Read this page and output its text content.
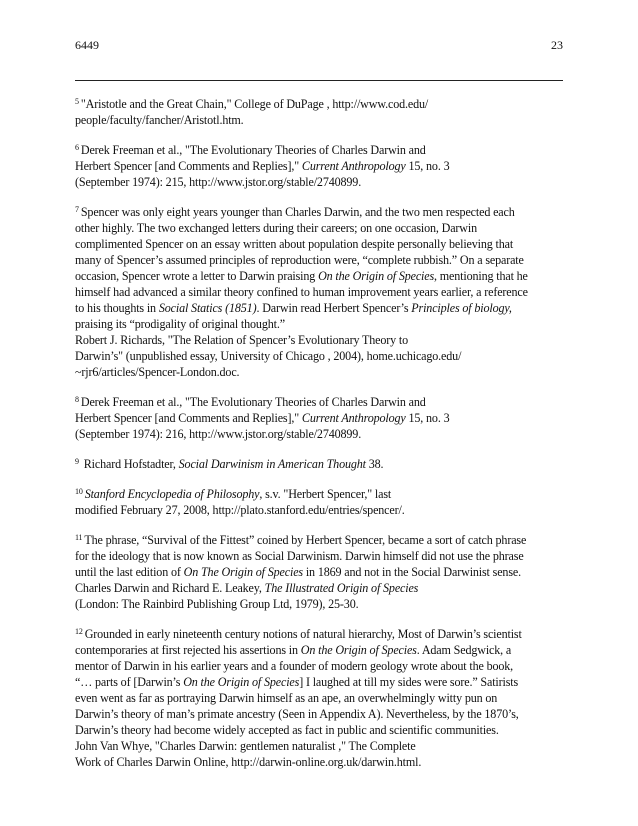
6449	23
$^5$ "Aristotle and the Great Chain," College of DuPage , http://www.cod.edu/
people/faculty/fancher/Aristotl.htm.
$^6$ Derek Freeman et al., "The Evolutionary Theories of Charles Darwin and
Herbert Spencer [and Comments and Replies]," Current Anthropology 15, no. 3
(September 1974): 215, http://www.jstor.org/stable/2740899.
$^7$ Spencer was only eight years younger than Charles Darwin, and the two men respected each
other highly. The two exchanged letters during their careers; on one occasion, Darwin
complimented Spencer on an essay written about population despite personally believing that
many of Spencer’s assumed principles of reproduction were, “complete rubbish.” On a separate
occasion, Spencer wrote a letter to Darwin praising On the Origin of Species, mentioning that he
himself had advanced a similar theory confined to human improvement years earlier, a reference
to his thoughts in Social Statics (1851). Darwin read Herbert Spencer’s Principles of biology,
praising its “prodigality of original thought.”
Robert J. Richards, "The Relation of Spencer’s Evolutionary Theory to
Darwin’s" (unpublished essay, University of Chicago , 2004), home.uchicago.edu/
~rjr6/articles/Spencer-London.doc.
$^8$ Derek Freeman et al., "The Evolutionary Theories of Charles Darwin and
Herbert Spencer [and Comments and Replies]," Current Anthropology 15, no. 3
(September 1974): 216, http://www.jstor.org/stable/2740899.
$^9$ Richard Hofstadter, Social Darwinism in American Thought 38.
$^{10}$ Stanford Encyclopedia of Philosophy, s.v. "Herbert Spencer," last
modified February 27, 2008, http://plato.stanford.edu/entries/spencer/.
$^{11}$ The phrase, “Survival of the Fittest” coined by Herbert Spencer, became a sort of catch phrase
for the ideology that is now known as Social Darwinism. Darwin himself did not use the phrase
until the last edition of On The Origin of Species in 1869 and not in the Social Darwinist sense.
Charles Darwin and Richard E. Leakey, The Illustrated Origin of Species
(London: The Rainbird Publishing Group Ltd, 1979), 25-30.
$^{12}$ Grounded in early nineteenth century notions of natural hierarchy, Most of Darwin’s scientist
contemporaries at first rejected his assertions in On the Origin of Species. Adam Sedgwick, a
mentor of Darwin in his earlier years and a founder of modern geology wrote about the book,
“… parts of [Darwin’s On the Origin of Species] I laughed at till my sides were sore.” Satirists
even went as far as portraying Darwin himself as an ape, an overwhelmingly witty pun on
Darwin’s theory of man’s primate ancestry (Seen in Appendix A). Nevertheless, by the 1870’s,
Darwin’s theory had become widely accepted as fact in public and scientific communities.
John Van Whye, "Charles Darwin: gentlemen naturalist ," The Complete
Work of Charles Darwin Online, http://darwin-online.org.uk/darwin.html.
